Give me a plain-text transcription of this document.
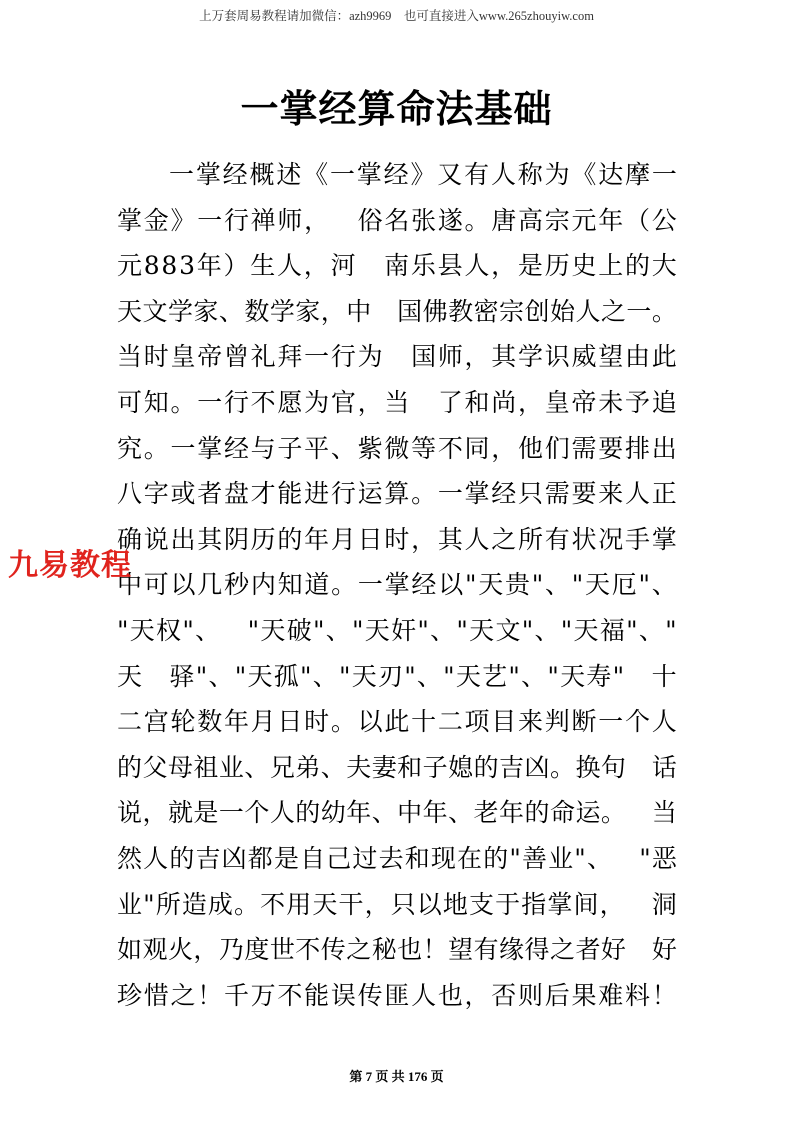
上万套周易教程请加微信：azh9969　也可直接进入www.265zhouyiw.com
一掌经算命法基础
一 掌 经 概 述 《 一 掌 经 》 又 有 人 称 为 《 达 摩 一
掌 金 》 一 行 禅 师 ，
　 俗 名 张 遂 。 唐 高 宗 元 年 （ 公
元 8 8 3 年 ） 生 人 ， 河
　 南 乐 县 人 ， 是 历 史 上 的 大
天 文 学 家 、 数 学 家 ， 中
　 国 佛 教 密 宗 创 始 人 之 一 。
当 时 皇 帝 曾 礼 拜 一 行 为
　 国 师 ， 其 学 识 威 望 由 此
可 知 。 一 行 不 愿 为 官 ， 当
　 了 和 尚 ， 皇 帝 未 予 追
究 。 一 掌 经 与 子 平 、 紫 微 等 不 同 ， 他 们 需 要 排 出
八 字 或 者 盘 才 能 进 行 运 算 。 一 掌 经 只 需 要 来 人 正
确 说 出 其 阴 历 的 年 月 日 时 ， 其 人 之 所 有 状 况 手 掌
中 可 以 几 秒 内 知 道 。 一 掌 经 以 " 天 贵 " 、 " 天 厄 " 、
" 天 权 " 、
　 " 天 破 " 、 " 天 奸 " 、 " 天 文 " 、 " 天 福 " 、 "
天
　 驿 " 、 " 天 孤 " 、 " 天 刃 " 、 " 天 艺 " 、 " 天 寿 "
　 十
二 宫 轮 数 年 月 日 时 。 以 此 十 二 项 目 来 判 断 一 个 人
的 父 母 祖 业 、 兄 弟 、 夫 妻 和 子 媳 的 吉 凶 。 换 句
　 话
说 ， 就 是 一 个 人 的 幼 年 、 中 年 、 老 年 的 命 运 。
　 当
然 人 的 吉 凶 都 是 自 己 过 去 和 现 在 的 " 善 业 " 、
　 " 恶
业 " 所 造 成 。 不 用 天 干 ， 只 以 地 支 于 指 掌 间 ，
　 洞
如 观 火 ， 乃 度 世 不 传 之 秘 也 ！ 望 有 缘 得 之 者 好
　 好
珍 惜 之 ！ 千 万 不 能 误 传 匪 人 也 ， 否 则 后 果 难 料 ！
九易教程
第 7 页 共 176 页
